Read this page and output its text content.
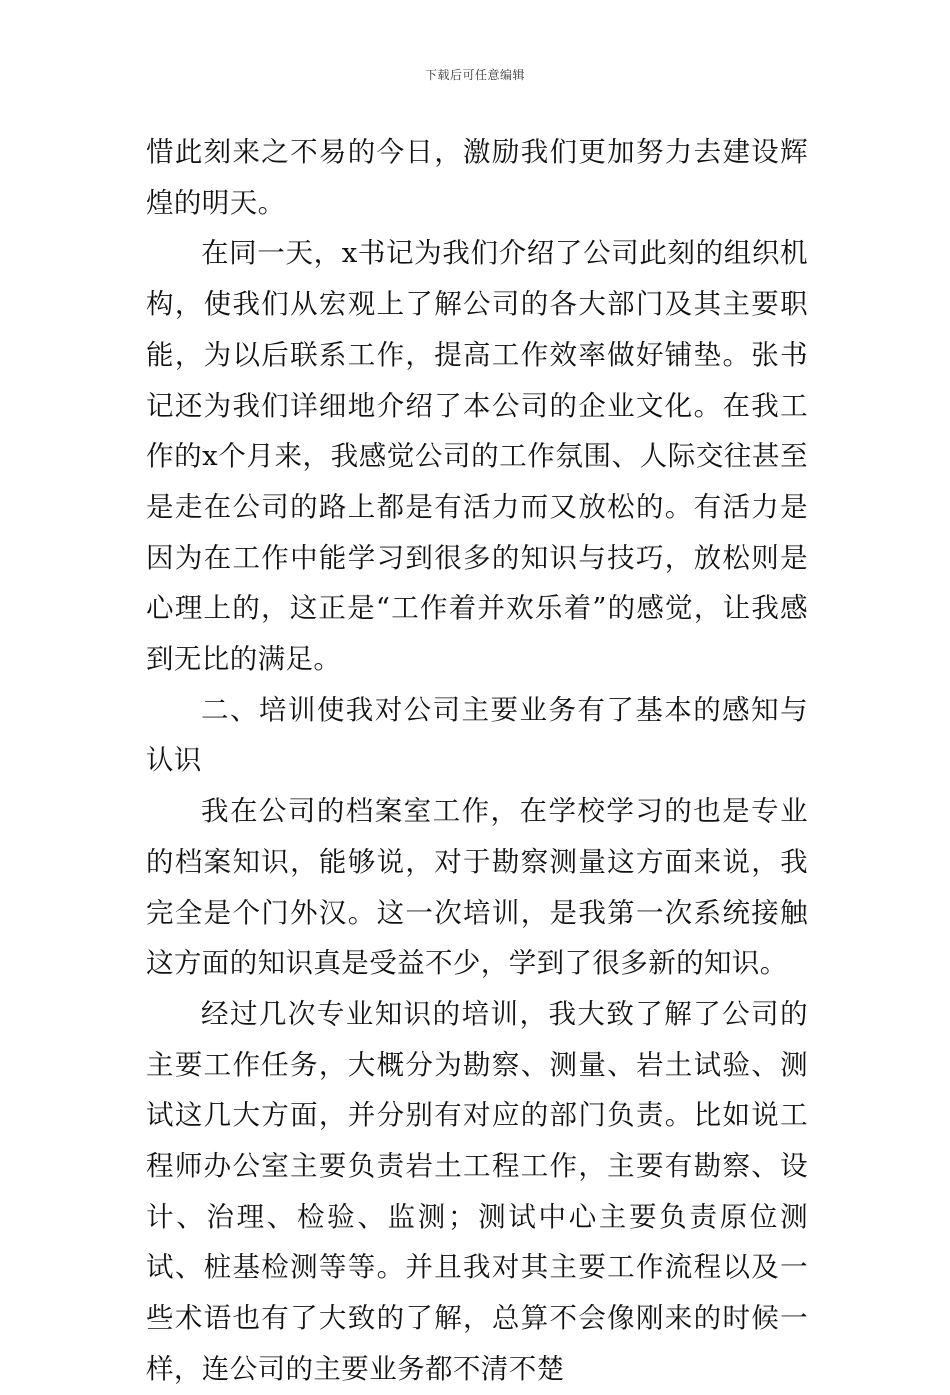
下载后可任意编辑

惜此刻来之不易的今日，激励我们更加努力去建设辉煌的明天。

在同一天，x书记为我们介绍了公司此刻的组织机构，使我们从宏观上了解公司的各大部门及其主要职能，为以后联系工作，提高工作效率做好铺垫。张书记还为我们详细地介绍了本公司的企业文化。在我工作的x个月来，我感觉公司的工作氛围、人际交往甚至是走在公司的路上都是有活力而又放松的。有活力是因为在工作中能学习到很多的知识与技巧，放松则是心理上的，这正是“工作着并欢乐着”的感觉，让我感到无比的满足。

二、培训使我对公司主要业务有了基本的感知与认识

我在公司的档案室工作，在学校学习的也是专业的档案知识，能够说，对于勘察测量这方面来说，我完全是个门外汉。这一次培训，是我第一次系统接触这方面的知识真是受益不少，学到了很多新的知识。

经过几次专业知识的培训，我大致了解了公司的主要工作任务，大概分为勘察、测量、岩土试验、测试这几大方面，并分别有对应的部门负责。比如说工程师办公室主要负责岩土工程工作，主要有勘察、设计、治理、检验、监测；测试中心主要负责原位测试、桩基检测等等。并且我对其主要工作流程以及一些术语也有了大致的了解，总算不会像刚来的时候一样，连公司的主要业务都不清不楚
